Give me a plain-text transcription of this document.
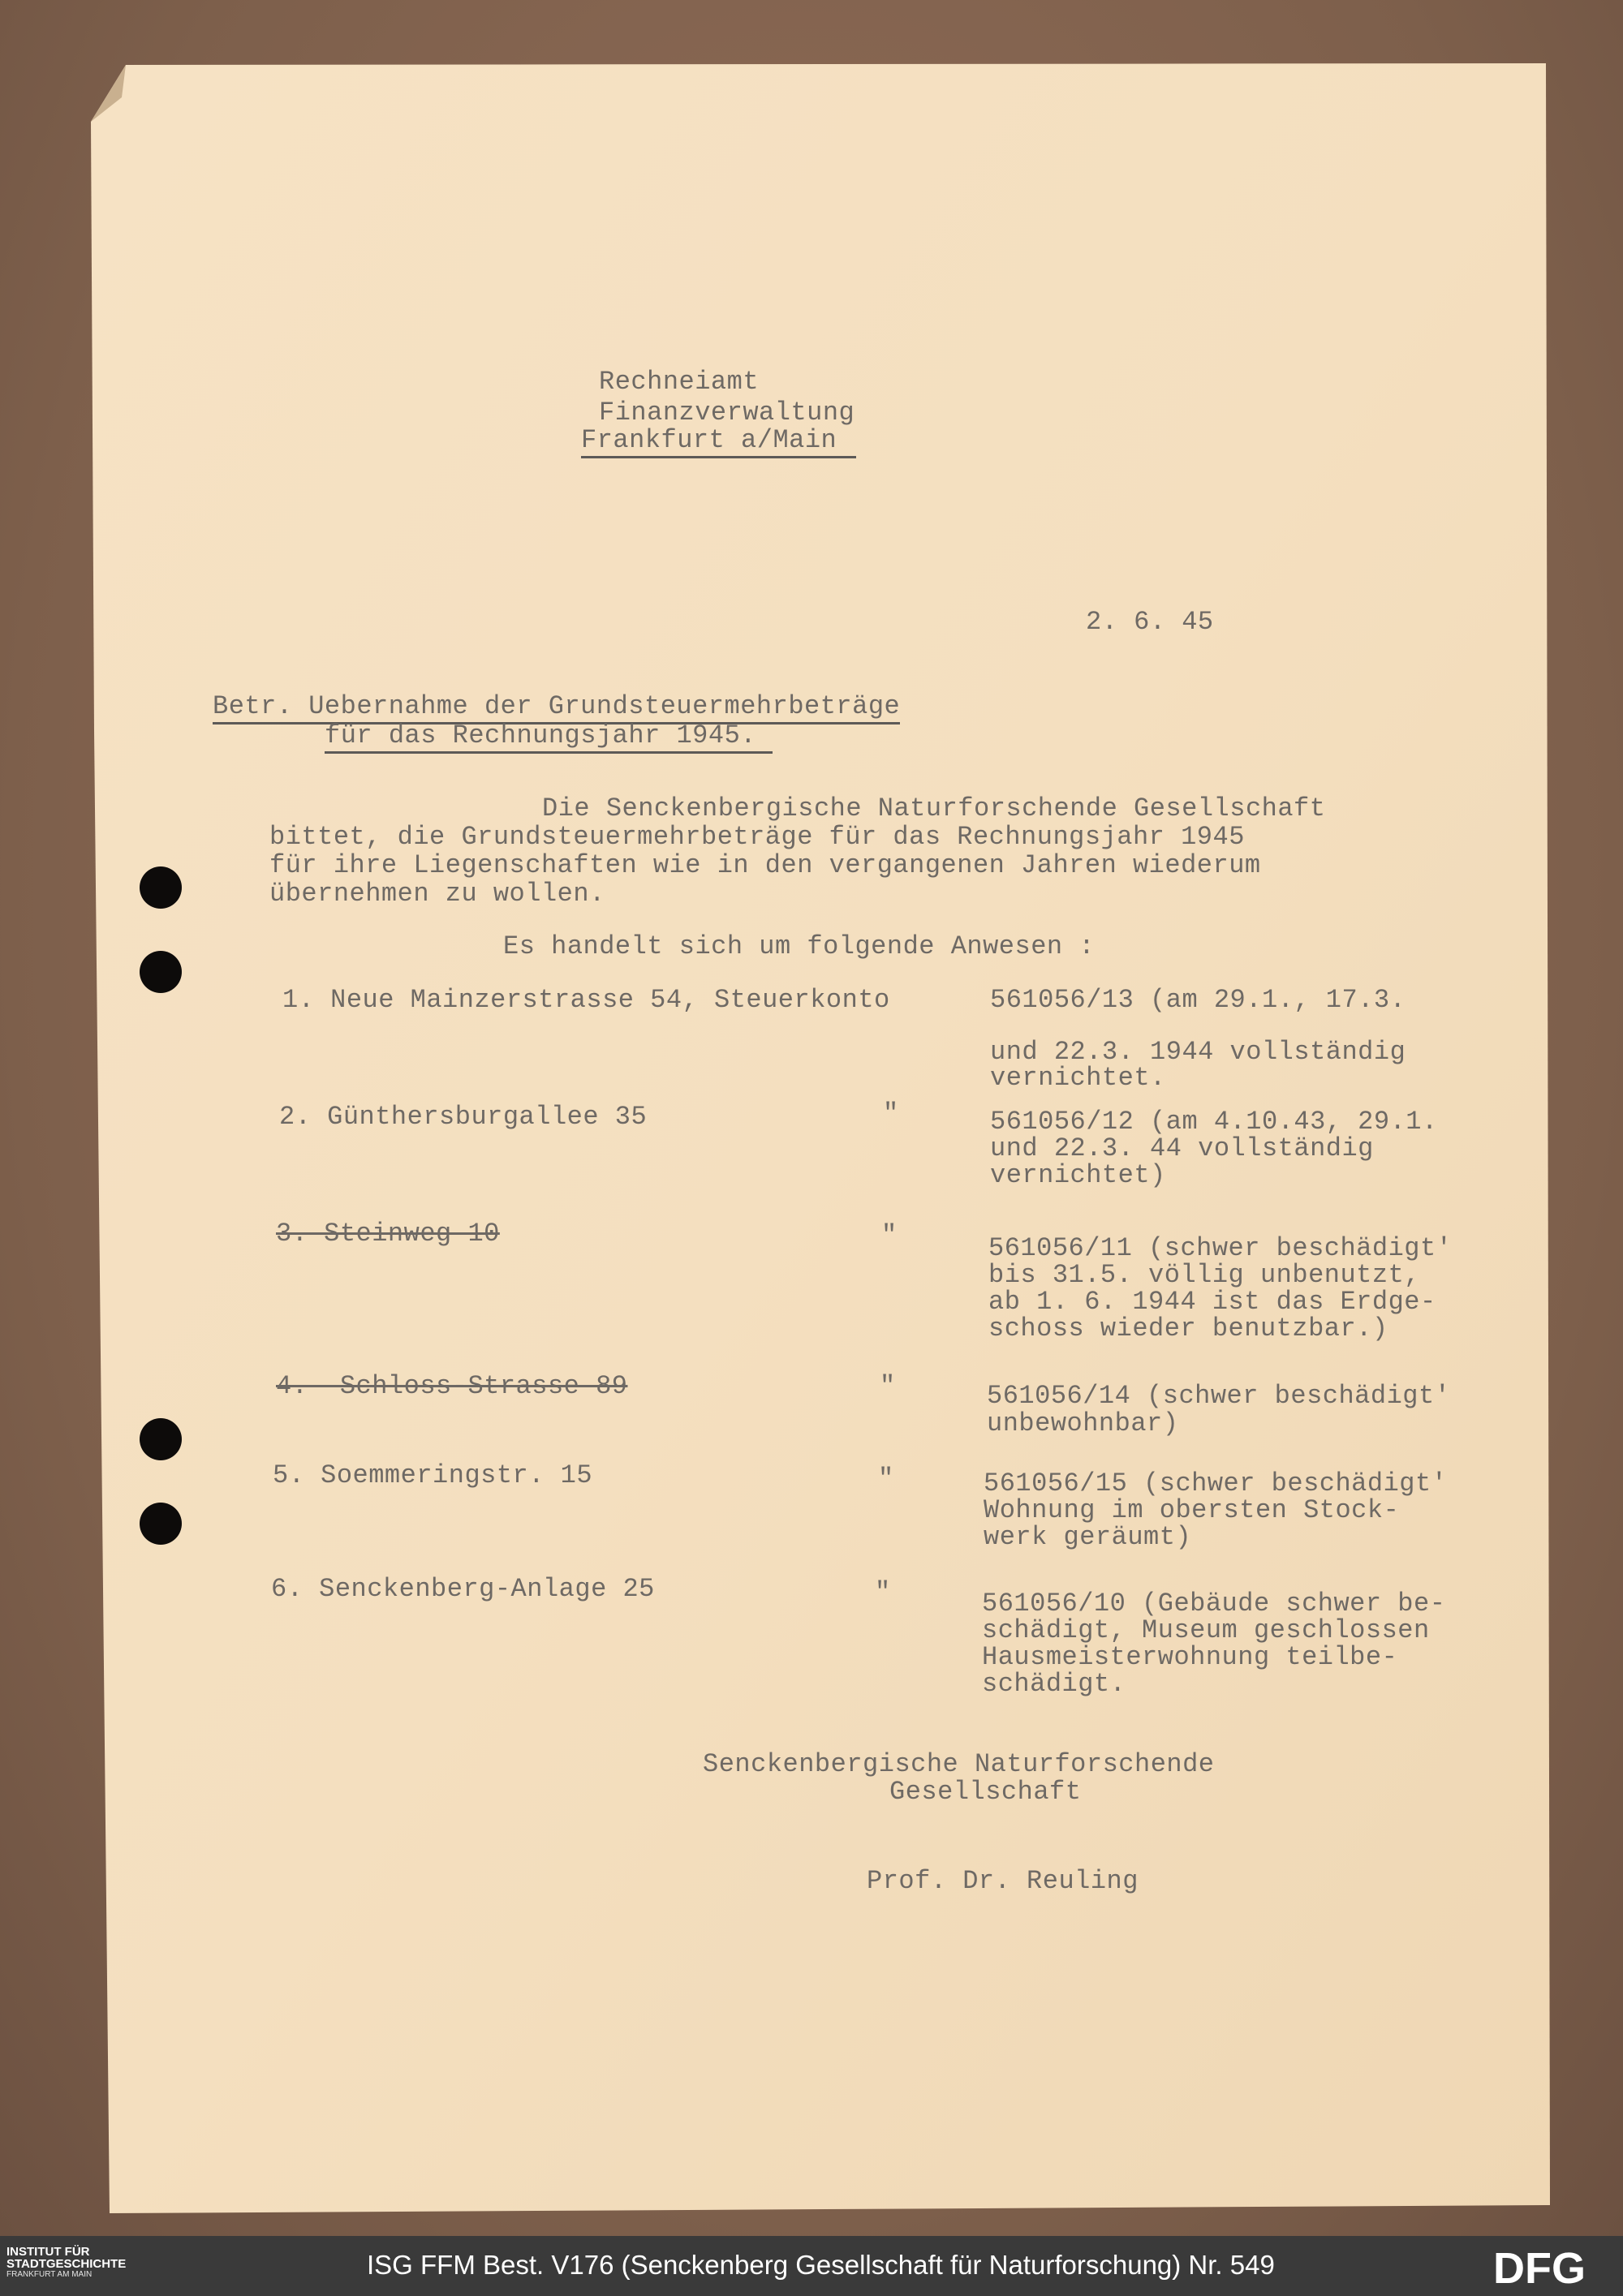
Rechneiamt
Finanzverwaltung
Frankfurt a/Main
2. 6. 45
Betr. Uebernahme der Grundsteuermehrbeträge
für das Rechnungsjahr 1945.
Die Senckenbergische Naturforschende Gesellschaft
bittet, die Grundsteuermehrbeträge für das Rechnungsjahr 1945
für ihre Liegenschaften wie in den vergangenen Jahren wiederum
übernehmen zu wollen.
Es handelt sich um folgende Anwesen :
1. Neue Mainzerstrasse 54, Steuerkonto	561056/13 (am 29.1., 17.3.
und 22.3. 1944 vollständig
vernichtet.
2. Günthersburgallee 35	"	561056/12 (am 4.10.43, 29.1.
und 22.3. 44 vollständig
vernichtet)
3. Steinweg 10	"	561056/11 (schwer beschädigt'
bis 31.5. völlig unbenutzt,
ab 1. 6. 1944 ist das Erdge-
schoss wieder benutzbar.)
4.  Schloss-Strasse 89	"	561056/14 (schwer beschädigt'
unbewohnbar)
5. Soemmeringstr. 15	"	561056/15 (schwer beschädigt'
Wohnung im obersten Stock-
werk geräumt)
6. Senckenberg-Anlage 25	"	561056/10 (Gebäude schwer be-
schädigt, Museum geschlossen
Hausmeisterwohnung teilbe-
schädigt.
Senckenbergische Naturforschende
Gesellschaft
Prof. Dr. Reuling
INSTITUT FÜR
STADTGESCHICHTE
FRANKFURT AM MAIN	ISG FFM Best. V176 (Senckenberg Gesellschaft für Naturforschung) Nr. 549	DFG
